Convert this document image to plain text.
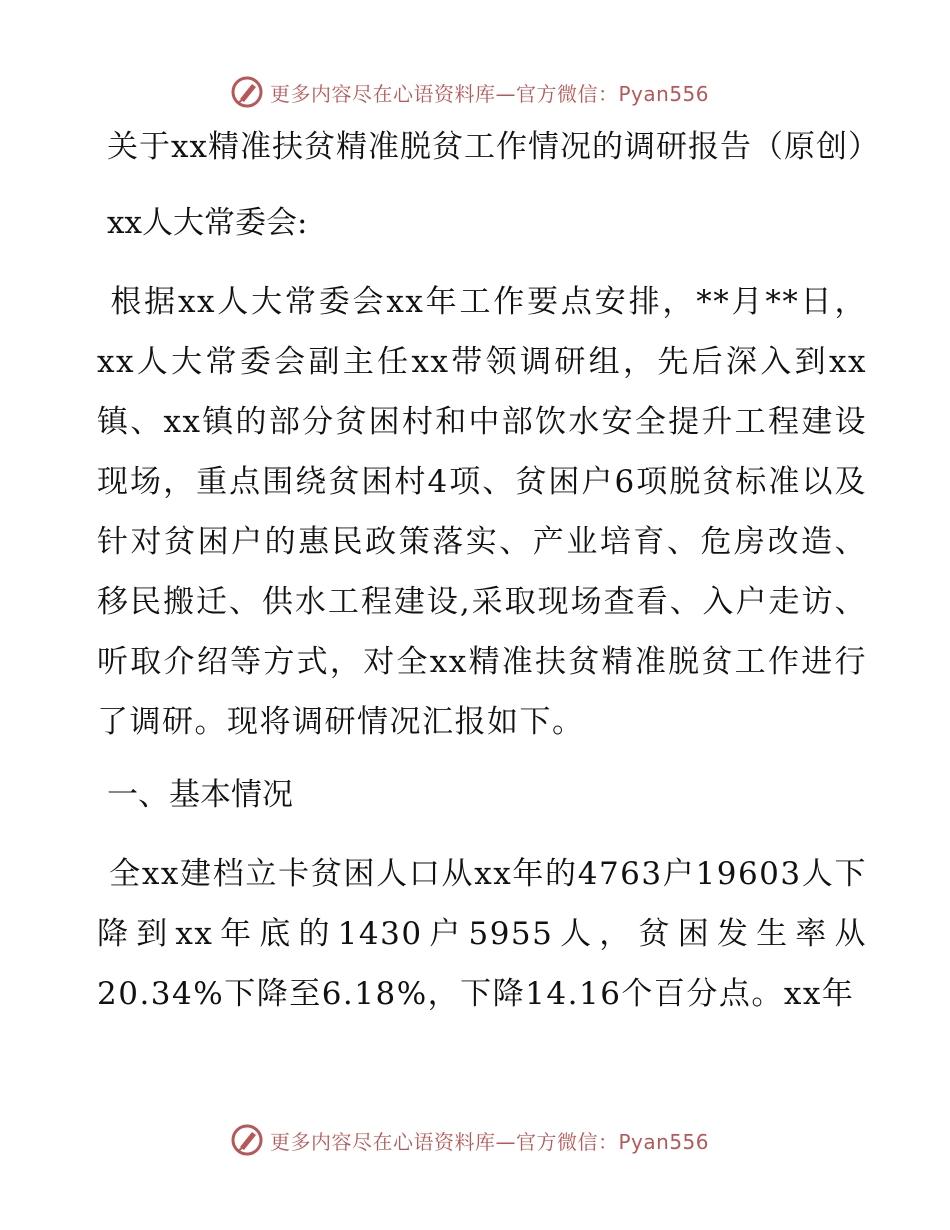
更多内容尽在心语资料库—官方微信：Pyan556

关于xx精准扶贫精准脱贫工作情况的调研报告（原创）

xx人大常委会:

根据xx人大常委会xx年工作要点安排，**月**日，xx人大常委会副主任xx带领调研组，先后深入到xx镇、xx镇的部分贫困村和中部饮水安全提升工程建设现场，重点围绕贫困村4项、贫困户6项脱贫标准以及针对贫困户的惠民政策落实、产业培育、危房改造、移民搬迁、供水工程建设,采取现场查看、入户走访、听取介绍等方式，对全xx精准扶贫精准脱贫工作进行了调研。现将调研情况汇报如下。

一、基本情况

全xx建档立卡贫困人口从xx年的4763户19603人下降到xx年底的1430户5955人，贫困发生率从20.34%下降至6.18%，下降14.16个百分点。xx年

更多内容尽在心语资料库—官方微信：Pyan556
